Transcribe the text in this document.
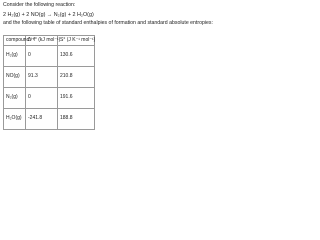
Consider the following reaction:

2 H₂(g) + 2 NO(g) → N₂(g) + 2 H₂O(g)

and the following table of standard enthalpies of formation and standard absolute entropies:

compound	Δᴴf° (kJ mol⁻¹)	S° (J K⁻¹ mol⁻¹)
H₂(g)	0	130.6
NO(g)	91.3	210.8
N₂(g)	0	191.6
H₂O(g)	-241.8	188.8
